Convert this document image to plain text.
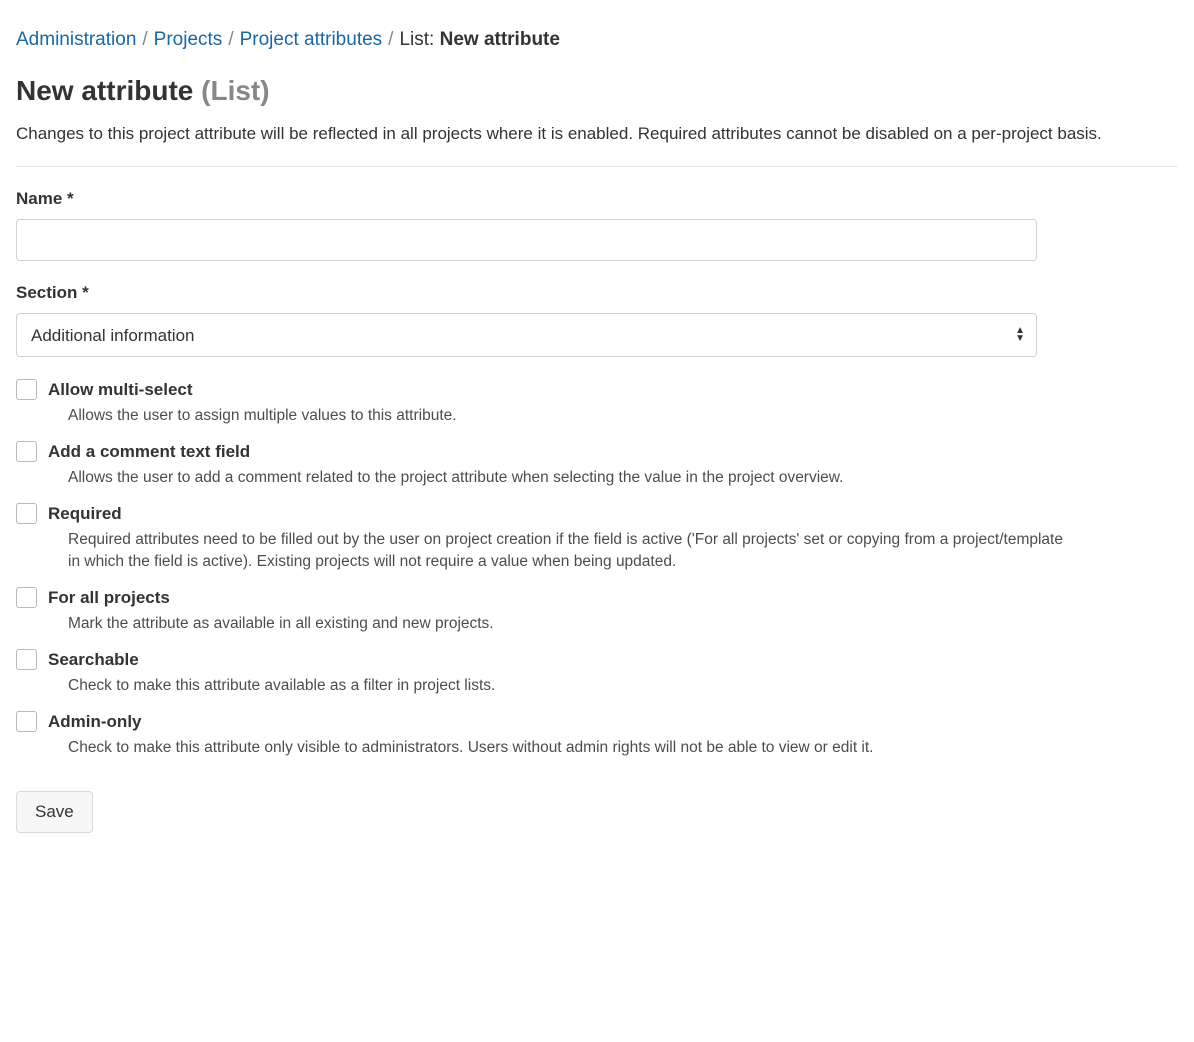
Administration / Projects / Project attributes / List: New attribute
New attribute (List)

Changes to this project attribute will be reflected in all projects where it is enabled. Required attributes cannot be disabled on a per-project basis.

Name *
Section *
Additional information
▲
▼
Allow multi-select
Allows the user to assign multiple values to this attribute.
Add a comment text field
Allows the user to add a comment related to the project attribute when selecting the value in the project overview.
Required
Required attributes need to be filled out by the user on project creation if the field is active ('For all projects' set or copying from a project/template in which the field is active). Existing projects will not require a value when being updated.
For all projects
Mark the attribute as available in all existing and new projects.
Searchable
Check to make this attribute available as a filter in project lists.
Admin-only
Check to make this attribute only visible to administrators. Users without admin rights will not be able to view or edit it.
Save
